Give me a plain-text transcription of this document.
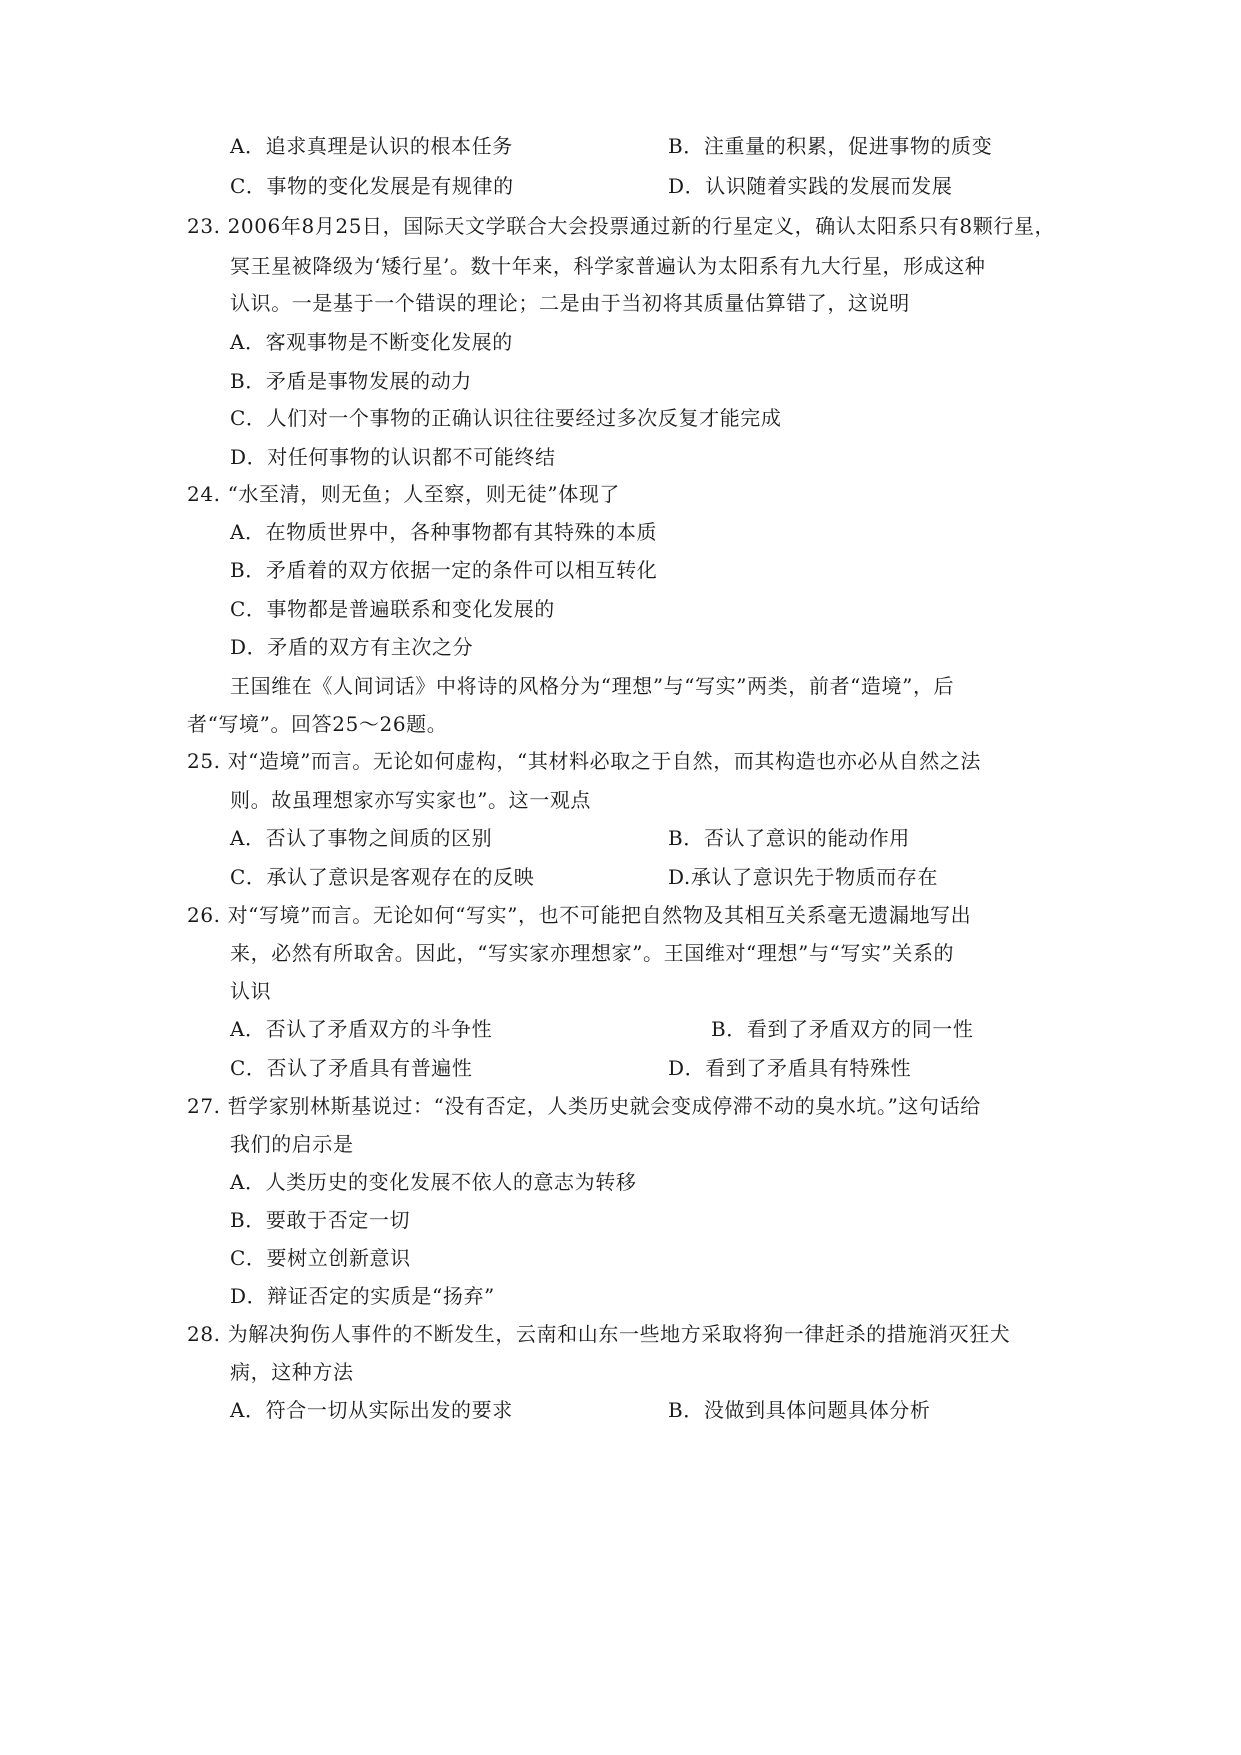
A．追求真理是认识的根本任务	B．注重量的积累，促进事物的质变
C．事物的变化发展是有规律的	D．认识随着实践的发展而发展
23. 2006年8月25日，国际天文学联合大会投票通过新的行星定义，确认太阳系只有8颗行星，
冥王星被降级为‘矮行星’。数十年来，科学家普遍认为太阳系有九大行星，形成这种
认识。一是基于一个错误的理论；二是由于当初将其质量估算错了，这说明
A．客观事物是不断变化发展的
B．矛盾是事物发展的动力
C．人们对一个事物的正确认识往往要经过多次反复才能完成
D．对任何事物的认识都不可能终结
24. “水至清，则无鱼；人至察，则无徒”体现了
A．在物质世界中，各种事物都有其特殊的本质
B．矛盾着的双方依据一定的条件可以相互转化
C．事物都是普遍联系和变化发展的
D．矛盾的双方有主次之分
王国维在《人间词话》中将诗的风格分为“理想”与“写实”两类，前者“造境”，后
者“写境”。回答25～26题。
25. 对“造境”而言。无论如何虚构，“其材料必取之于自然，而其构造也亦必从自然之法
则。故虽理想家亦写实家也”。这一观点
A．否认了事物之间质的区别	B．否认了意识的能动作用
C．承认了意识是客观存在的反映	D.承认了意识先于物质而存在
26. 对“写境”而言。无论如何“写实”，也不可能把自然物及其相互关系毫无遗漏地写出
来，必然有所取舍。因此，“写实家亦理想家”。王国维对“理想”与“写实”关系的
认识
A．否认了矛盾双方的斗争性	B．看到了矛盾双方的同一性
C．否认了矛盾具有普遍性	D．看到了矛盾具有特殊性
27. 哲学家别林斯基说过：“没有否定，人类历史就会变成停滞不动的臭水坑。”这句话给
我们的启示是
A．人类历史的变化发展不依人的意志为转移
B．要敢于否定一切
C．要树立创新意识
D．辩证否定的实质是“扬弃”
28. 为解决狗伤人事件的不断发生，云南和山东一些地方采取将狗一律赶杀的措施消灭狂犬
病，这种方法
A．符合一切从实际出发的要求	B．没做到具体问题具体分析
